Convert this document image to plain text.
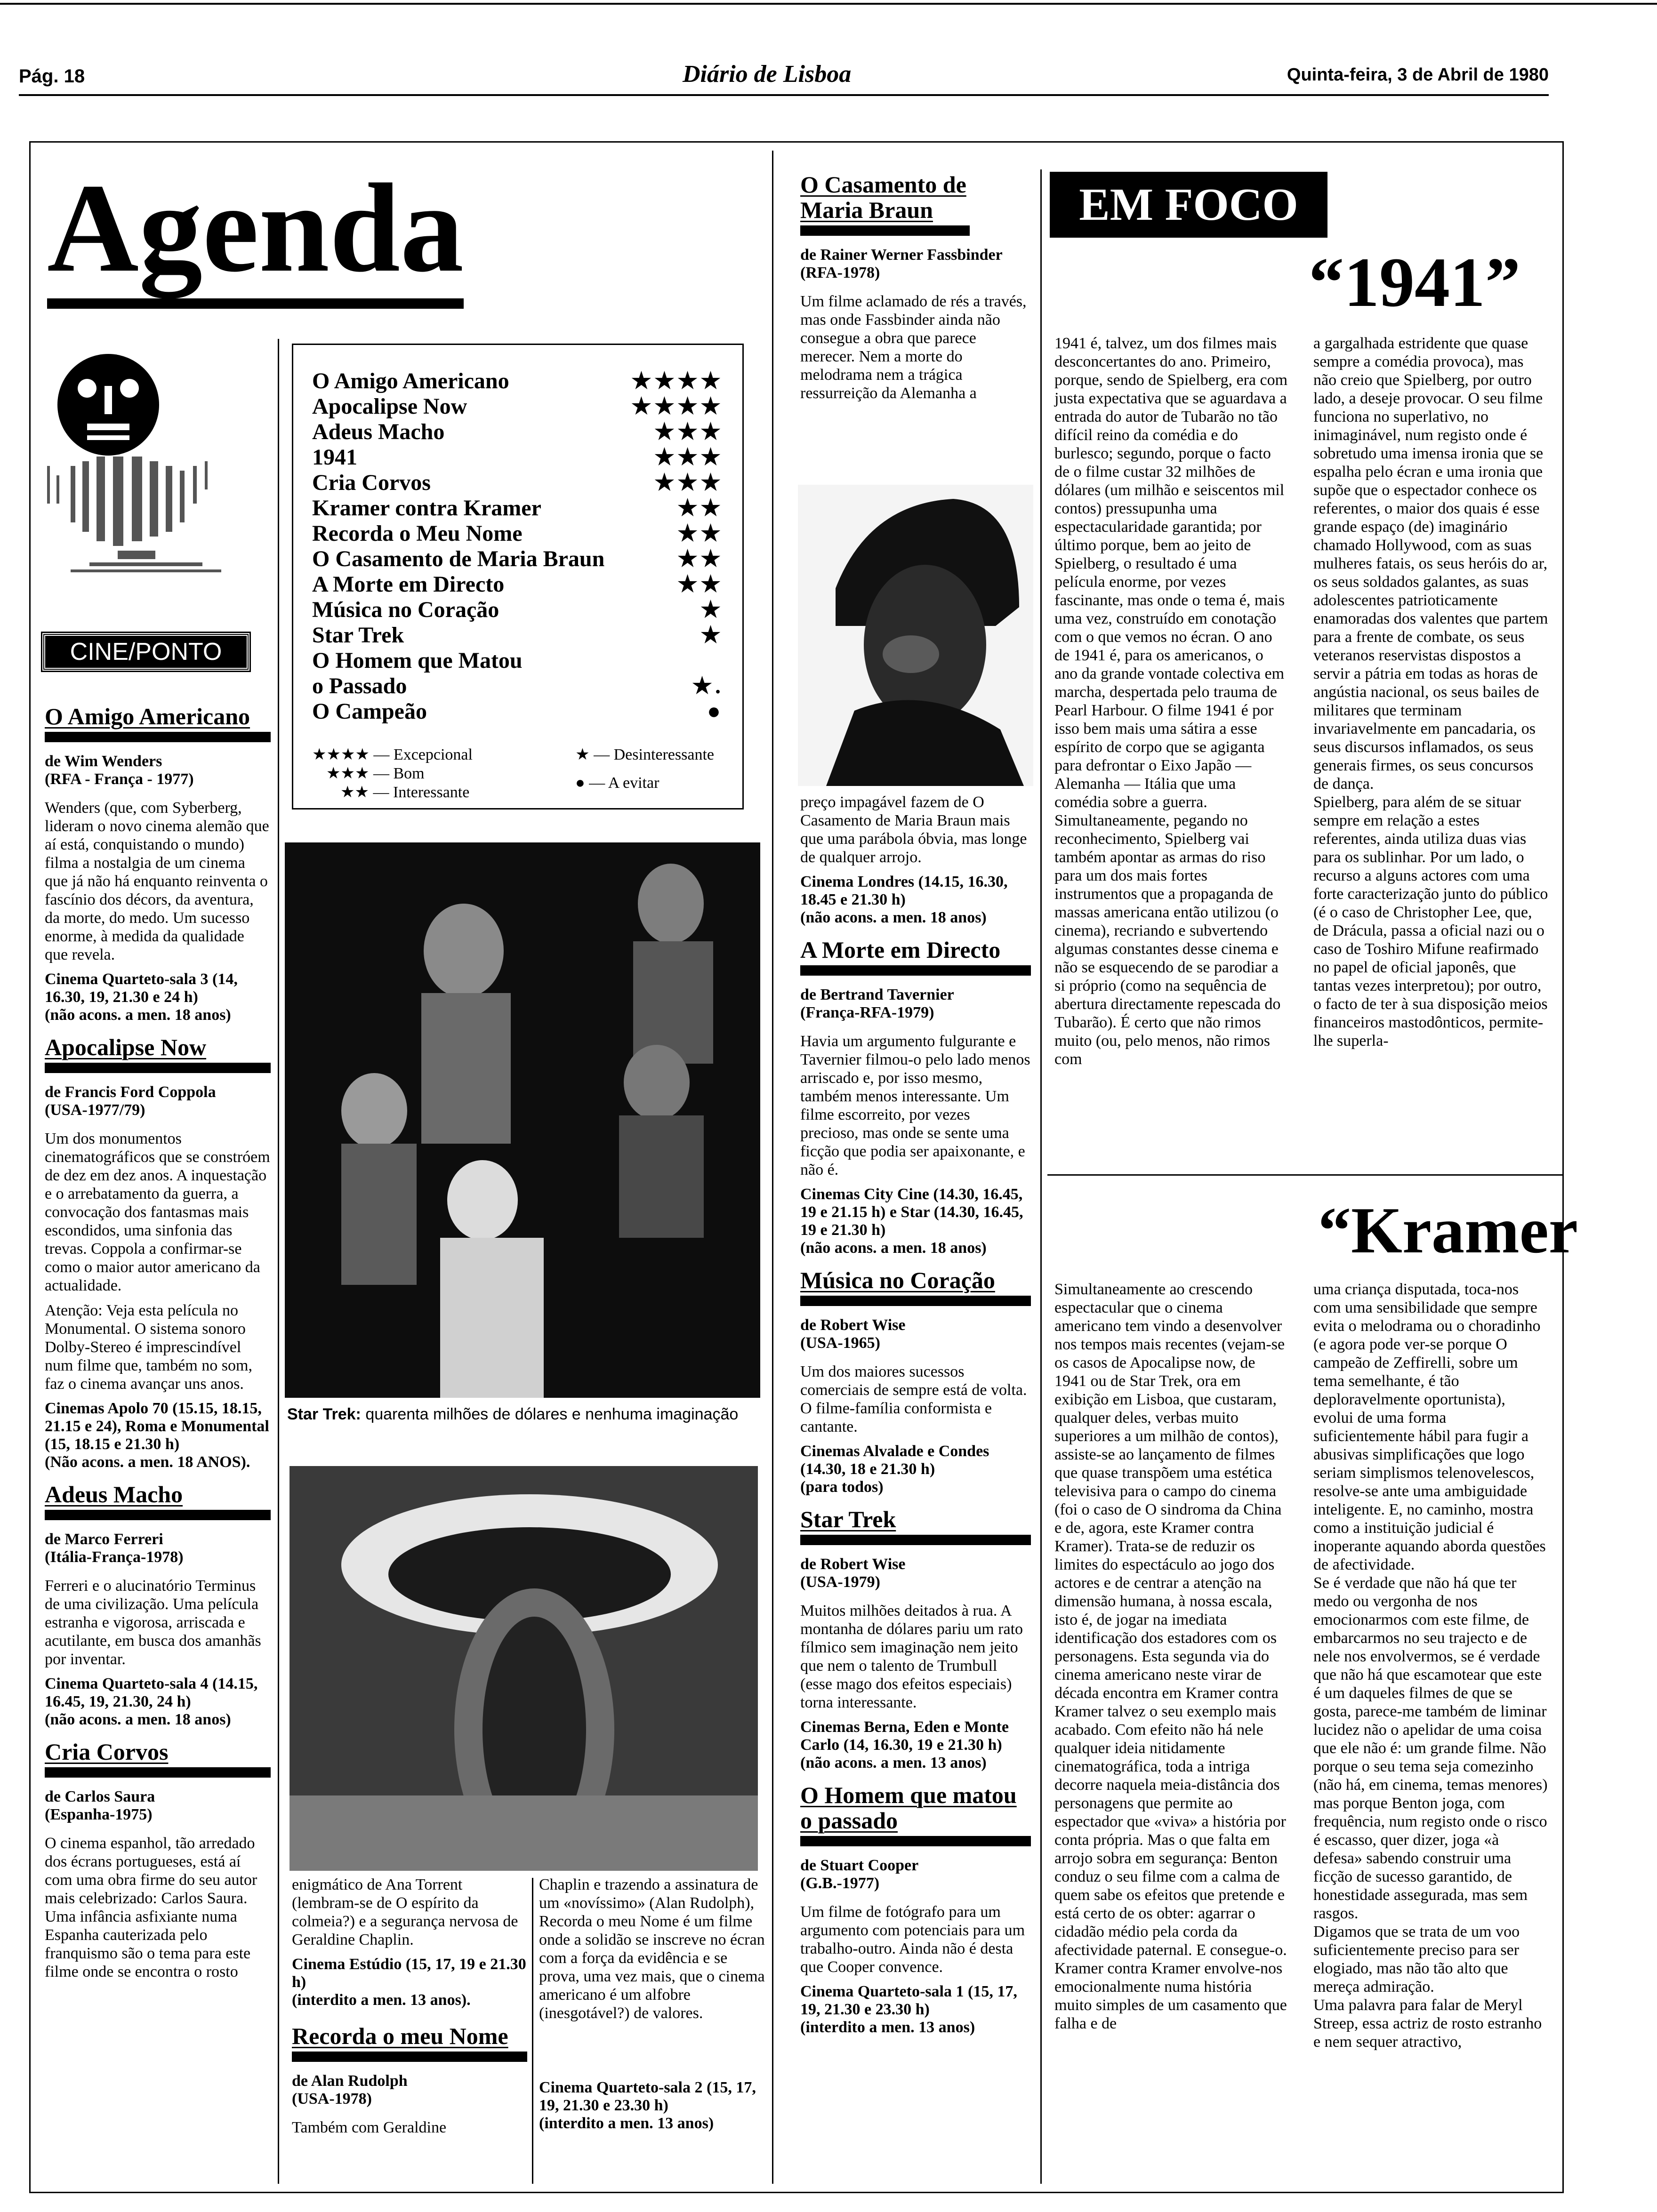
Pág. 18	Diário de Lisboa	Quinta-feira, 3 de Abril de 1980
Agenda
CINE/PONTO
O Amigo Americano	★★★★
Apocalipse Now	★★★★
Adeus Macho	★★★
1941	★★★
Cria Corvos	★★★
Kramer contra Kramer	★★
Recorda o Meu Nome	★★
O Casamento de Maria Braun	★★
A Morte em Directo	★★
Música no Coração	★
Star Trek	★
O Homem que Matou
o Passado	★.
O Campeão	●
★★★★ — Excepcional
★★★ — Bom
★★ — Interessante
★ — Desinteressante
● — A evitar
O Amigo Americano
de Wim Wenders
(RFA - França - 1977)

Wenders (que, com Syberberg, lideram o novo cinema alemão que aí está, conquistando o mundo) filma a nostalgia de um cinema que já não há enquanto reinventa o fascínio dos décors, da aventura, da morte, do medo. Um sucesso enorme, à medida da qualidade que revela.

Cinema Quarteto-sala 3 (14, 16.30, 19, 21.30 e 24 h)
(não acons. a men. 18 anos)
Apocalipse Now
de Francis Ford Coppola
(USA-1977/79)

Um dos monumentos cinematográficos que se constróem de dez em dez anos. A inquestação e o arrebatamento da guerra, a convocação dos fantasmas mais escondidos, uma sinfonia das trevas. Coppola a confirmar-se como o maior autor americano da actualidade.

Atenção: Veja esta película no Monumental. O sistema sonoro Dolby-Stereo é imprescindível num filme que, também no som, faz o cinema avançar uns anos.

Cinemas Apolo 70 (15.15, 18.15, 21.15 e 24), Roma e Monumental (15, 18.15 e 21.30 h)
(Não acons. a men. 18 ANOS).
Adeus Macho
de Marco Ferreri
(Itália-França-1978)

Ferreri e o alucinatório Terminus de uma civilização. Uma película estranha e vigorosa, arriscada e acutilante, em busca dos amanhãs por inventar.

Cinema Quarteto-sala 4 (14.15, 16.45, 19, 21.30, 24 h)
(não acons. a men. 18 anos)
Cria Corvos
de Carlos Saura
(Espanha-1975)

O cinema espanhol, tão arredado dos écrans portugueses, está aí com uma obra firme do seu autor mais celebrizado: Carlos Saura. Uma infância asfixiante numa Espanha cauterizada pelo franquismo são o tema para este filme onde se encontra o rosto

Star Trek: quarenta milhões de dólares e nenhuma imaginação

enigmático de Ana Torrent (lembram-se de O espírito da colmeia?) e a segurança nervosa de Geraldine Chaplin.

Cinema Estúdio (15, 17, 19 e 21.30 h)
(interdito a men. 13 anos).
Recorda o meu Nome
de Alan Rudolph
(USA-1978)

Também com Geraldine

Chaplin e trazendo a assinatura de um «novíssimo» (Alan Rudolph), Recorda o meu Nome é um filme onde a solidão se inscreve no écran com a força da evidência e se prova, uma vez mais, que o cinema americano é um alfobre (inesgotável?) de valores.

Cinema Quarteto-sala 2 (15, 17, 19, 21.30 e 23.30 h)
(interdito a men. 13 anos)
O Casamento de Maria Braun
de Rainer Werner Fassbinder
(RFA-1978)

Um filme aclamado de rés a través, mas onde Fassbinder ainda não consegue a obra que parece merecer. Nem a morte do melodrama nem a trágica ressurreição da Alemanha a

preço impagável fazem de O Casamento de Maria Braun mais que uma parábola óbvia, mas longe de qualquer arrojo.

Cinema Londres (14.15, 16.30, 18.45 e 21.30 h)
(não acons. a men. 18 anos)
A Morte em Directo
de Bertrand Tavernier
(França-RFA-1979)

Havia um argumento fulgurante e Tavernier filmou-o pelo lado menos arriscado e, por isso mesmo, também menos interessante. Um filme escorreito, por vezes precioso, mas onde se sente uma ficção que podia ser apaixonante, e não é.

Cinemas City Cine (14.30, 16.45, 19 e 21.15 h) e Star (14.30, 16.45, 19 e 21.30 h)
(não acons. a men. 18 anos)
Música no Coração
de Robert Wise
(USA-1965)

Um dos maiores sucessos comerciais de sempre está de volta. O filme-família conformista e cantante.

Cinemas Alvalade e Condes (14.30, 18 e 21.30 h)
(para todos)
Star Trek
de Robert Wise
(USA-1979)

Muitos milhões deitados à rua. A montanha de dólares pariu um rato fílmico sem imaginação nem jeito que nem o talento de Trumbull (esse mago dos efeitos especiais) torna interessante.

Cinemas Berna, Eden e Monte Carlo (14, 16.30, 19 e 21.30 h)
(não acons. a men. 13 anos)
O Homem que matou o passado
de Stuart Cooper
(G.B.-1977)

Um filme de fotógrafo para um argumento com potenciais para um trabalho-outro. Ainda não é desta que Cooper convence.

Cinema Quarteto-sala 1 (15, 17, 19, 21.30 e 23.30 h)
(interdito a men. 13 anos)
EM FOCO
“1941”

1941 é, talvez, um dos filmes mais desconcertantes do ano. Primeiro, porque, sendo de Spielberg, era com justa expectativa que se aguardava a entrada do autor de Tubarão no tão difícil reino da comédia e do burlesco; segundo, porque o facto de o filme custar 32 milhões de dólares (um milhão e seiscentos mil contos) pressupunha uma espectacularidade garantida; por último porque, bem ao jeito de Spielberg, o resultado é uma película enorme, por vezes fascinante, mas onde o tema é, mais uma vez, construído em conotação com o que vemos no écran. O ano de 1941 é, para os americanos, o ano da grande vontade colectiva em marcha, despertada pelo trauma de Pearl Harbour. O filme 1941 é por isso bem mais uma sátira a esse espírito de corpo que se agiganta para defrontar o Eixo Japão — Alemanha — Itália que uma comédia sobre a guerra. Simultaneamente, pegando no reconhecimento, Spielberg vai também apontar as armas do riso para um dos mais fortes instrumentos que a propaganda de massas americana então utilizou (o cinema), recriando e subvertendo algumas constantes desse cinema e não se esquecendo de se parodiar a si próprio (como na sequência de abertura directamente repescada do Tubarão). É certo que não rimos muito (ou, pelo menos, não rimos com

a gargalhada estridente que quase sempre a comédia provoca), mas não creio que Spielberg, por outro lado, a deseje provocar. O seu filme funciona no superlativo, no inimaginável, num registo onde é sobretudo uma imensa ironia que se espalha pelo écran e uma ironia que supõe que o espectador conhece os referentes, o maior dos quais é esse grande espaço (de) imaginário chamado Hollywood, com as suas mulheres fatais, os seus heróis do ar, os seus soldados galantes, as suas adolescentes patrioticamente enamoradas dos valentes que partem para a frente de combate, os seus veteranos reservistas dispostos a servir a pátria em todas as horas de angústia nacional, os seus bailes de militares que terminam invariavelmente em pancadaria, os seus discursos inflamados, os seus generais firmes, os seus concursos de dança.
Spielberg, para além de se situar sempre em relação a estes referentes, ainda utiliza duas vias para os sublinhar. Por um lado, o recurso a alguns actores com uma forte caracterização junto do público (é o caso de Christopher Lee, que, de Drácula, passa a oficial nazi ou o caso de Toshiro Mifune reafirmado no papel de oficial japonês, que tantas vezes interpretou); por outro, o facto de ter à sua disposição meios financeiros mastodônticos, permite-lhe superla-

“Kramer

Simultaneamente ao crescendo espectacular que o cinema americano tem vindo a desenvolver nos tempos mais recentes (vejam-se os casos de Apocalipse now, de 1941 ou de Star Trek, ora em exibição em Lisboa, que custaram, qualquer deles, verbas muito superiores a um milhão de contos), assiste-se ao lançamento de filmes que quase transpõem uma estética televisiva para o campo do cinema (foi o caso de O sindroma da China e de, agora, este Kramer contra Kramer). Trata-se de reduzir os limites do espectáculo ao jogo dos actores e de centrar a atenção na dimensão humana, à nossa escala, isto é, de jogar na imediata identificação dos estadores com os personagens. Esta segunda via do cinema americano neste virar de década encontra em Kramer contra Kramer talvez o seu exemplo mais acabado. Com efeito não há nele qualquer ideia nitidamente cinematográfica, toda a intriga decorre naquela meia-distância dos personagens que permite ao espectador que «viva» a história por conta própria. Mas o que falta em arrojo sobra em segurança: Benton conduz o seu filme com a calma de quem sabe os efeitos que pretende e está certo de os obter: agarrar o cidadão médio pela corda da afectividade paternal. E consegue-o.
Kramer contra Kramer envolve-nos emocionalmente numa história muito simples de um casamento que falha e de

uma criança disputada, toca-nos com uma sensibilidade que sempre evita o melodrama ou o choradinho (e agora pode ver-se porque O campeão de Zeffirelli, sobre um tema semelhante, é tão deploravelmente oportunista), evolui de uma forma suficientemente hábil para fugir a abusivas simplificações que logo seriam simplismos telenovelescos, resolve-se ante uma ambiguidade inteligente. E, no caminho, mostra como a instituição judicial é inoperante aquando aborda questões de afectividade.
Se é verdade que não há que ter medo ou vergonha de nos emocionarmos com este filme, de embarcarmos no seu trajecto e de nele nos envolvermos, se é verdade que não há que escamotear que este é um daqueles filmes de que se gosta, parece-me também de liminar lucidez não o apelidar de uma coisa que ele não é: um grande filme. Não porque o seu tema seja comezinho (não há, em cinema, temas menores) mas porque Benton joga, com frequência, num registo onde o risco é escasso, quer dizer, joga «à defesa» sabendo construir uma ficção de sucesso garantido, de honestidade assegurada, mas sem rasgos.
Digamos que se trata de um voo suficientemente preciso para ser elogiado, mas não tão alto que mereça admiração.
Uma palavra para falar de Meryl Streep, essa actriz de rosto estranho e nem sequer atractivo,
